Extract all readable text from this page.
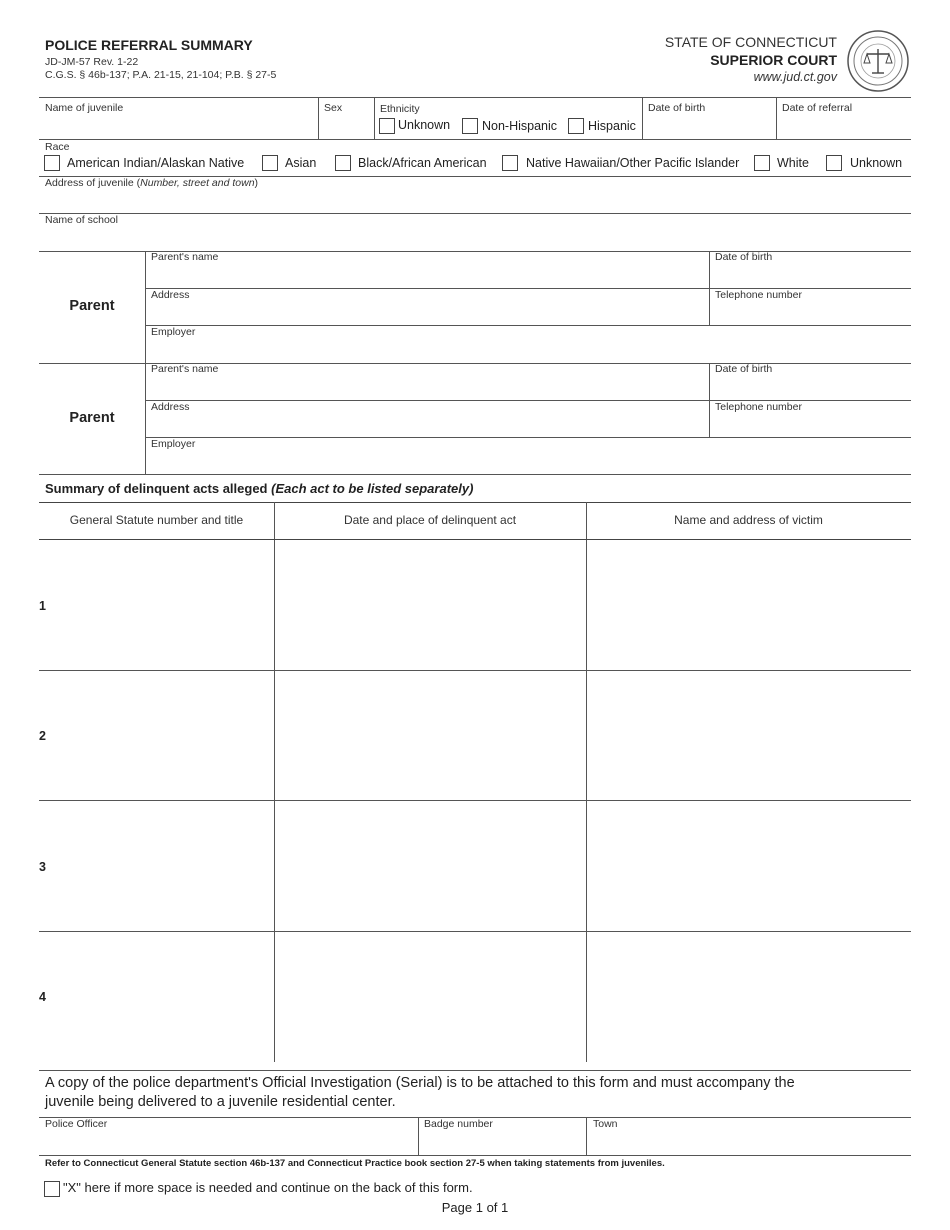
POLICE REFERRAL SUMMARY
JD-JM-57 Rev. 1-22
C.G.S. § 46b-137; P.A. 21-15, 21-104; P.B. § 27-5
STATE OF CONNECTICUT
SUPERIOR COURT
www.jud.ct.gov
Name of juvenile	Sex	Ethnicity
Unknown	Non-Hispanic Hispanic
Date of birth	Date of referral
Race
American Indian/Alaskan Native	Asian	Black/African American	Native Hawaiian/Other Pacific Islander	White	Unknown
Address of juvenile (Number, street and town)
Name of school
Parent
Parent's name	Date of birth
Address	Telephone number
Employer
Parent
Parent's name	Date of birth
Address	Telephone number
Employer
Summary of delinquent acts alleged (Each act to be listed separately)
General Statute number and title	Date and place of delinquent act	Name and address of victim
1
2
3
4
A copy of the police department's Official Investigation (Serial) is to be attached to this form and must accompany the juvenile being delivered to a juvenile residential center.
Police Officer	Badge number	Town
Refer to Connecticut General Statute section 46b-137 and Connecticut Practice book section 27-5 when taking statements from juveniles.
"X" here if more space is needed and continue on the back of this form.
Page 1 of 1
